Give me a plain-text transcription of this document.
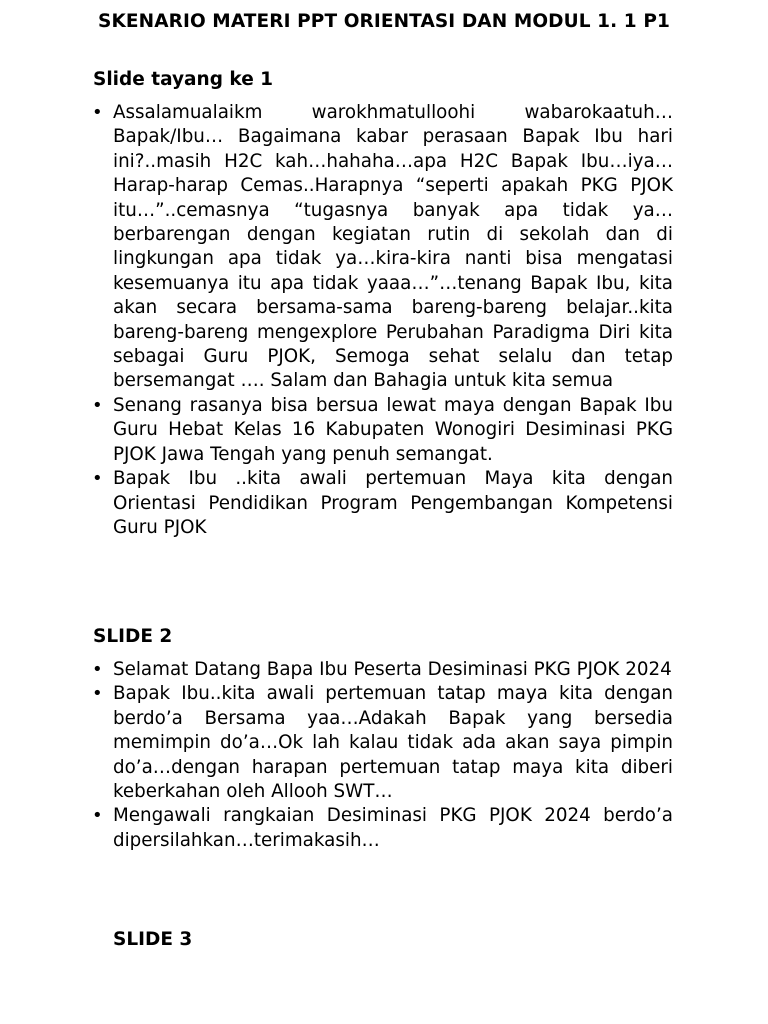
SKENARIO MATERI PPT ORIENTASI DAN MODUL 1. 1 P1
Slide tayang ke 1
• Assalamualaikm warokhmatulloohi wabarokaatuh… Bapak/Ibu… Bagaimana kabar perasaan Bapak Ibu hari ini?..masih H2C kah…hahaha…apa H2C Bapak Ibu…iya…Harap-harap Cemas..Harapnya “seperti apakah PKG PJOK itu…”..cemasnya “tugasnya banyak apa tidak ya…berbarengan dengan kegiatan rutin di sekolah dan di lingkungan apa tidak ya…kira-kira nanti bisa mengatasi kesemuanya itu apa tidak yaaa…”…tenang Bapak Ibu, kita akan secara bersama-sama bareng-bareng belajar..kita bareng-bareng mengexplore Perubahan Paradigma Diri kita sebagai Guru PJOK, Semoga sehat selalu dan tetap bersemangat …. Salam dan Bahagia untuk kita semua
• Senang rasanya bisa bersua lewat maya dengan Bapak Ibu Guru Hebat Kelas 16 Kabupaten Wonogiri Desiminasi PKG PJOK Jawa Tengah yang penuh semangat.
• Bapak Ibu ..kita awali pertemuan Maya kita dengan Orientasi Pendidikan Program Pengembangan Kompetensi Guru PJOK
SLIDE 2
• Selamat Datang Bapa Ibu Peserta Desiminasi PKG PJOK 2024
• Bapak Ibu..kita awali pertemuan tatap maya kita dengan berdo’a Bersama yaa…Adakah Bapak yang bersedia memimpin do’a…Ok lah kalau tidak ada akan saya pimpin do’a…dengan harapan pertemuan tatap maya kita diberi keberkahan oleh Allooh SWT…
• Mengawali rangkaian Desiminasi PKG PJOK 2024 berdo’a dipersilahkan…terimakasih…
SLIDE 3
